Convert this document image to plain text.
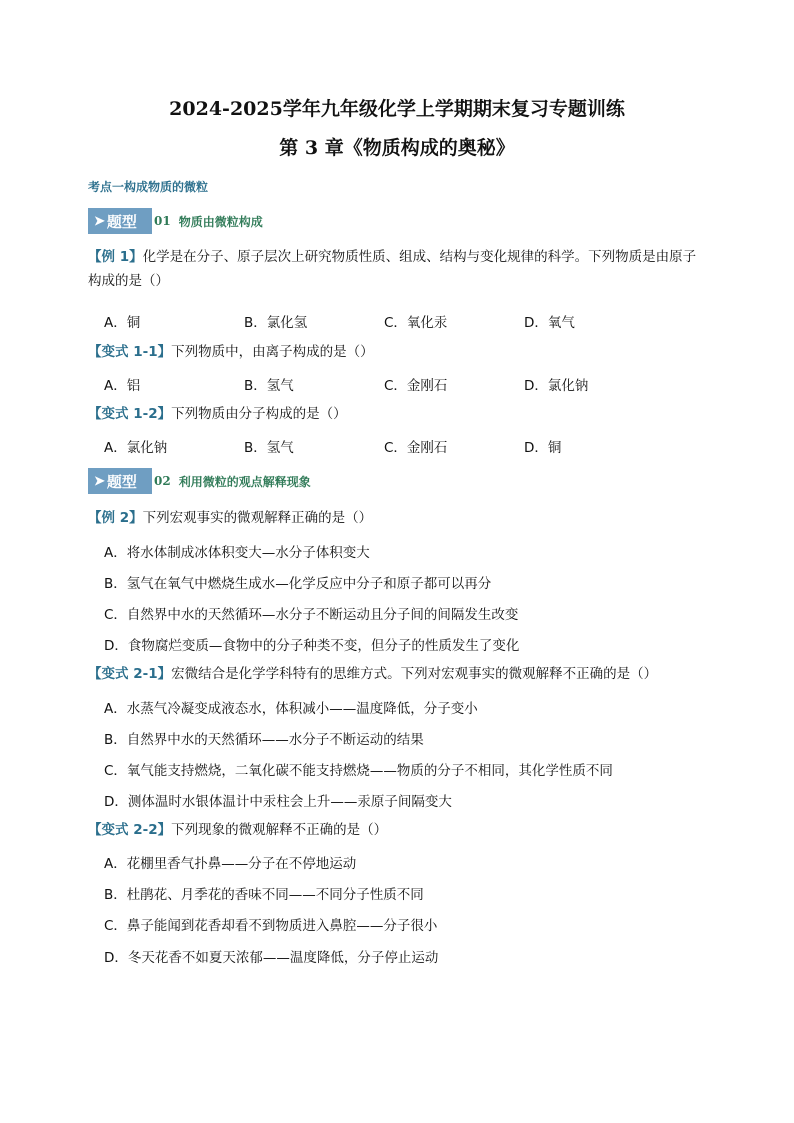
2024-2025学年九年级化学上学期期末复习专题训练
第 3 章《物质构成的奥秘》
考点一构成物质的微粒
➤ 题型 01 物质由微粒构成
【例 1】化学是在分子、原子层次上研究物质性质、组成、结构与变化规律的科学。下列物质是由原子
构成的是（）
A．铜	B．氯化氢	C．氧化汞	D．氧气
【变式 1-1】下列物质中，由离子构成的是（）
A．铝	B．氢气	C．金刚石	D．氯化钠
【变式 1-2】下列物质由分子构成的是（）
A．氯化钠	B．氢气	C．金刚石	D．铜
➤ 题型 02 利用微粒的观点解释现象
【例 2】下列宏观事实的微观解释正确的是（）
A．将水体制成冰体积变大—水分子体积变大
B．氢气在氧气中燃烧生成水—化学反应中分子和原子都可以再分
C．自然界中水的天然循环—水分子不断运动且分子间的间隔发生改变
D．食物腐烂变质—食物中的分子种类不变，但分子的性质发生了变化
【变式 2-1】宏微结合是化学学科特有的思维方式。下列对宏观事实的微观解释不正确的是（）
A．水蒸气冷凝变成液态水，体积减小——温度降低，分子变小
B．自然界中水的天然循环——水分子不断运动的结果
C．氧气能支持燃烧，二氧化碳不能支持燃烧——物质的分子不相同，其化学性质不同
D．测体温时水银体温计中汞柱会上升——汞原子间隔变大
【变式 2-2】下列现象的微观解释不正确的是（）
A．花棚里香气扑鼻——分子在不停地运动
B．杜鹃花、月季花的香味不同——不同分子性质不同
C．鼻子能闻到花香却看不到物质进入鼻腔——分子很小
D．冬天花香不如夏天浓郁——温度降低，分子停止运动
